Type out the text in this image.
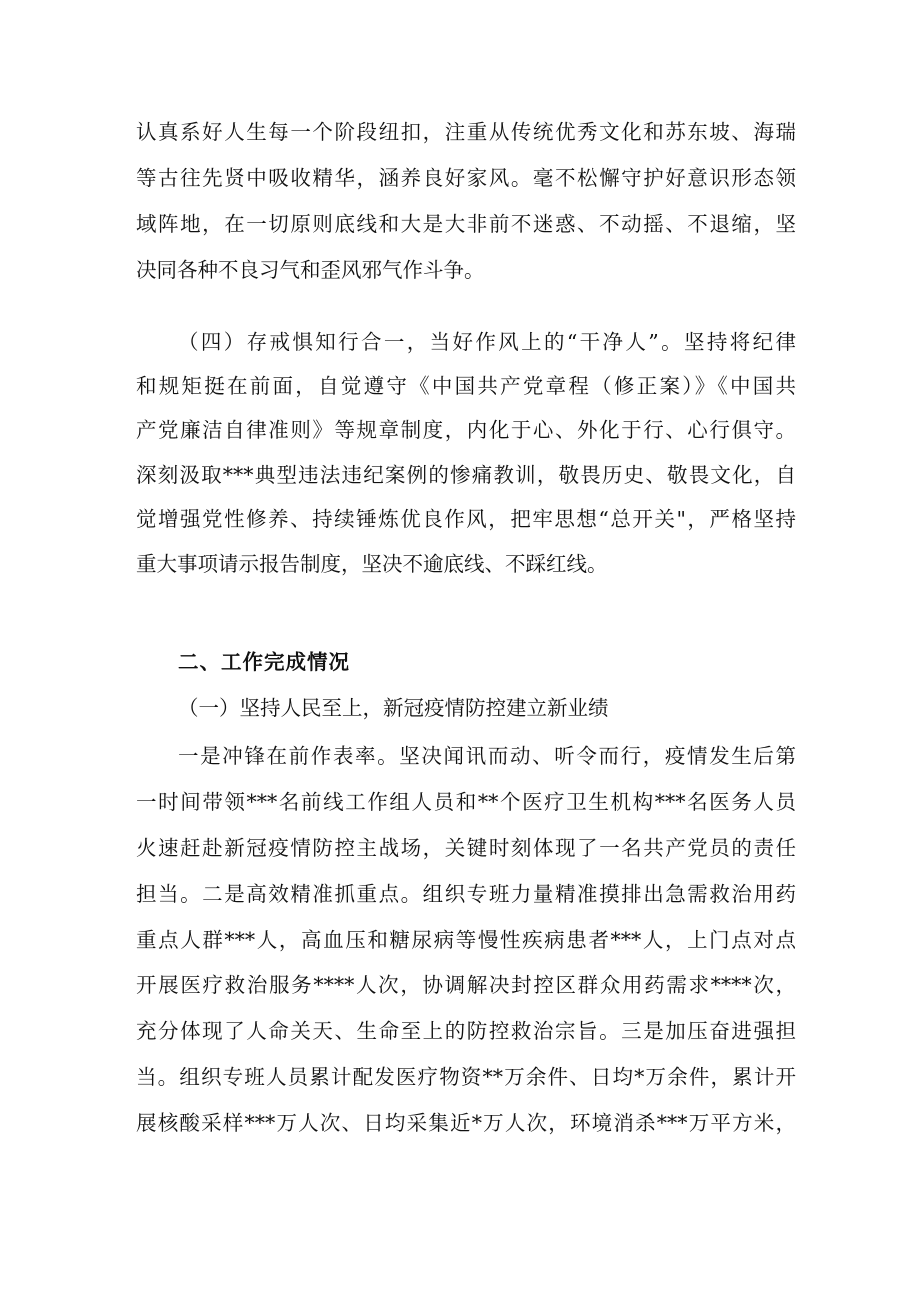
认真系好人生每一个阶段纽扣，注重从传统优秀文化和苏东坡、海瑞
等古往先贤中吸收精华，涵养良好家风。毫不松懈守护好意识形态领
域阵地，在一切原则底线和大是大非前不迷惑、不动摇、不退缩，坚
决同各种不良习气和歪风邪气作斗争。
（四）存戒惧知行合一，当好作风上的“干净人”。坚持将纪律
和规矩挺在前面，自觉遵守《中国共产党章程（修正案）》《中国共
产党廉洁自律准则》等规章制度，内化于心、外化于行、心行俱守。
深刻汲取***典型违法违纪案例的惨痛教训，敬畏历史、敬畏文化，自
觉增强党性修养、持续锤炼优良作风，把牢思想“总开关"，严格坚持
重大事项请示报告制度，坚决不逾底线、不踩红线。
二、工作完成情况
（一）坚持人民至上，新冠疫情防控建立新业绩
一是冲锋在前作表率。坚决闻讯而动、听令而行，疫情发生后第
一时间带领***名前线工作组人员和**个医疗卫生机构***名医务人员
火速赶赴新冠疫情防控主战场，关键时刻体现了一名共产党员的责任
担当。二是高效精准抓重点。组织专班力量精准摸排出急需救治用药
重点人群***人，高血压和糖尿病等慢性疾病患者***人，上门点对点
开展医疗救治服务****人次，协调解决封控区群众用药需求****次，
充分体现了人命关天、生命至上的防控救治宗旨。三是加压奋进强担
当。组织专班人员累计配发医疗物资**万余件、日均*万余件，累计开
展核酸采样***万人次、日均采集近*万人次，环境消杀***万平方米，
